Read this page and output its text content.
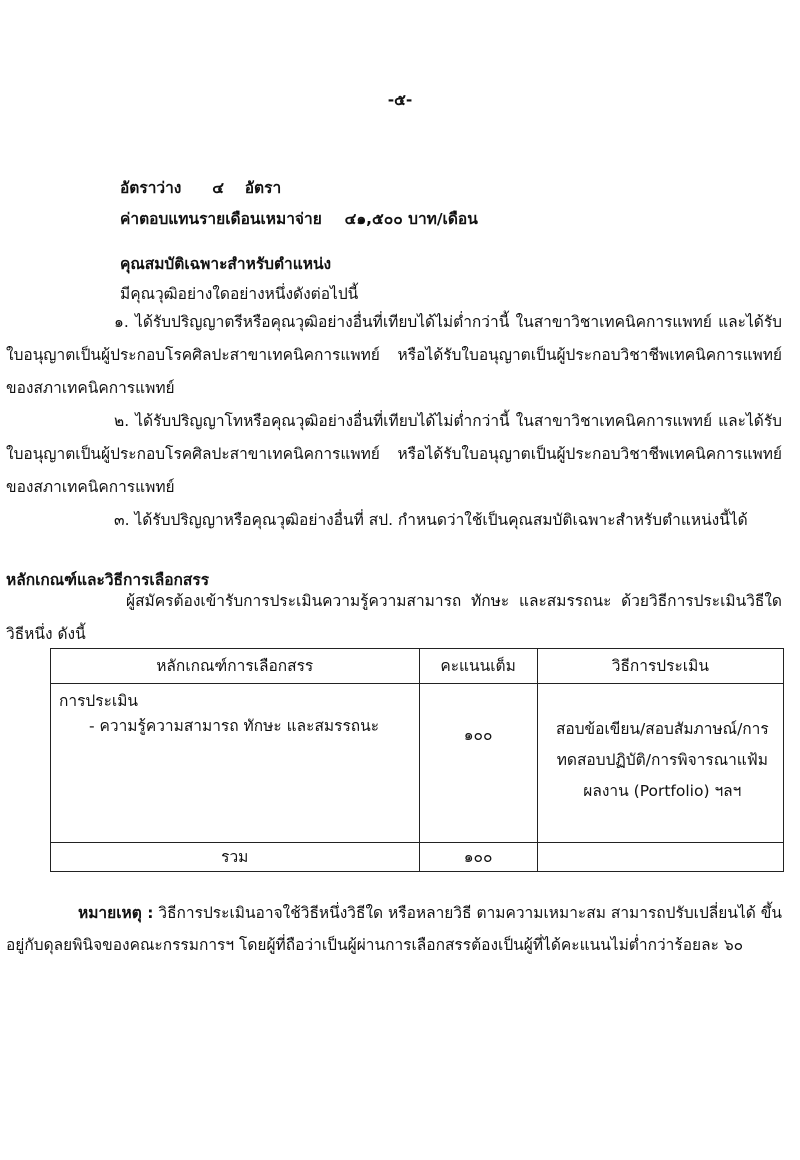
-๕-
อัตราว่าง ๔ อัตรา
ค่าตอบแทนรายเดือนเหมาจ่าย ๔๑,๕๐๐ บาท/เดือน
คุณสมบัติเฉพาะสำหรับตำแหน่ง
มีคุณวุฒิอย่างใดอย่างหนึ่งดังต่อไปนี้
๑. ได้รับปริญญาตรีหรือคุณวุฒิอย่างอื่นที่เทียบได้ไม่ต่ำกว่านี้ ในสาขาวิชาเทคนิคการแพทย์ และได้รับใบอนุญาตเป็นผู้ประกอบโรคศิลปะสาขาเทคนิคการแพทย์ หรือได้รับใบอนุญาตเป็นผู้ประกอบวิชาชีพเทคนิคการแพทย์ของสภาเทคนิคการแพทย์
๒. ได้รับปริญญาโทหรือคุณวุฒิอย่างอื่นที่เทียบได้ไม่ต่ำกว่านี้ ในสาขาวิชาเทคนิคการแพทย์ และได้รับใบอนุญาตเป็นผู้ประกอบโรคศิลปะสาขาเทคนิคการแพทย์ หรือได้รับใบอนุญาตเป็นผู้ประกอบวิชาชีพเทคนิคการแพทย์ของสภาเทคนิคการแพทย์
๓. ได้รับปริญญาหรือคุณวุฒิอย่างอื่นที่ สป. กำหนดว่าใช้เป็นคุณสมบัติเฉพาะสำหรับตำแหน่งนี้ได้
หลักเกณฑ์และวิธีการเลือกสรร
ผู้สมัครต้องเข้ารับการประเมินความรู้ความสามารถ ทักษะ และสมรรถนะ ด้วยวิธีการประเมินวิธีใดวิธีหนึ่ง ดังนี้
หลักเกณฑ์การเลือกสรร	คะแนนเต็ม	วิธีการประเมิน

การประเมิน
- ความรู้ความสามารถ ทักษะ และสมรรถนะ	๑๐๐	สอบข้อเขียน/สอบสัมภาษณ์/การทดสอบปฏิบัติ/การพิจารณาแฟ้มผลงาน (Portfolio) ฯลฯ

รวม	๑๐๐	
หมายเหตุ : วิธีการประเมินอาจใช้วิธีหนึ่งวิธีใด หรือหลายวิธี ตามความเหมาะสม สามารถปรับเปลี่ยนได้ ขึ้นอยู่กับดุลยพินิจของคณะกรรมการฯ โดยผู้ที่ถือว่าเป็นผู้ผ่านการเลือกสรรต้องเป็นผู้ที่ได้คะแนนไม่ต่ำกว่าร้อยละ ๖๐
